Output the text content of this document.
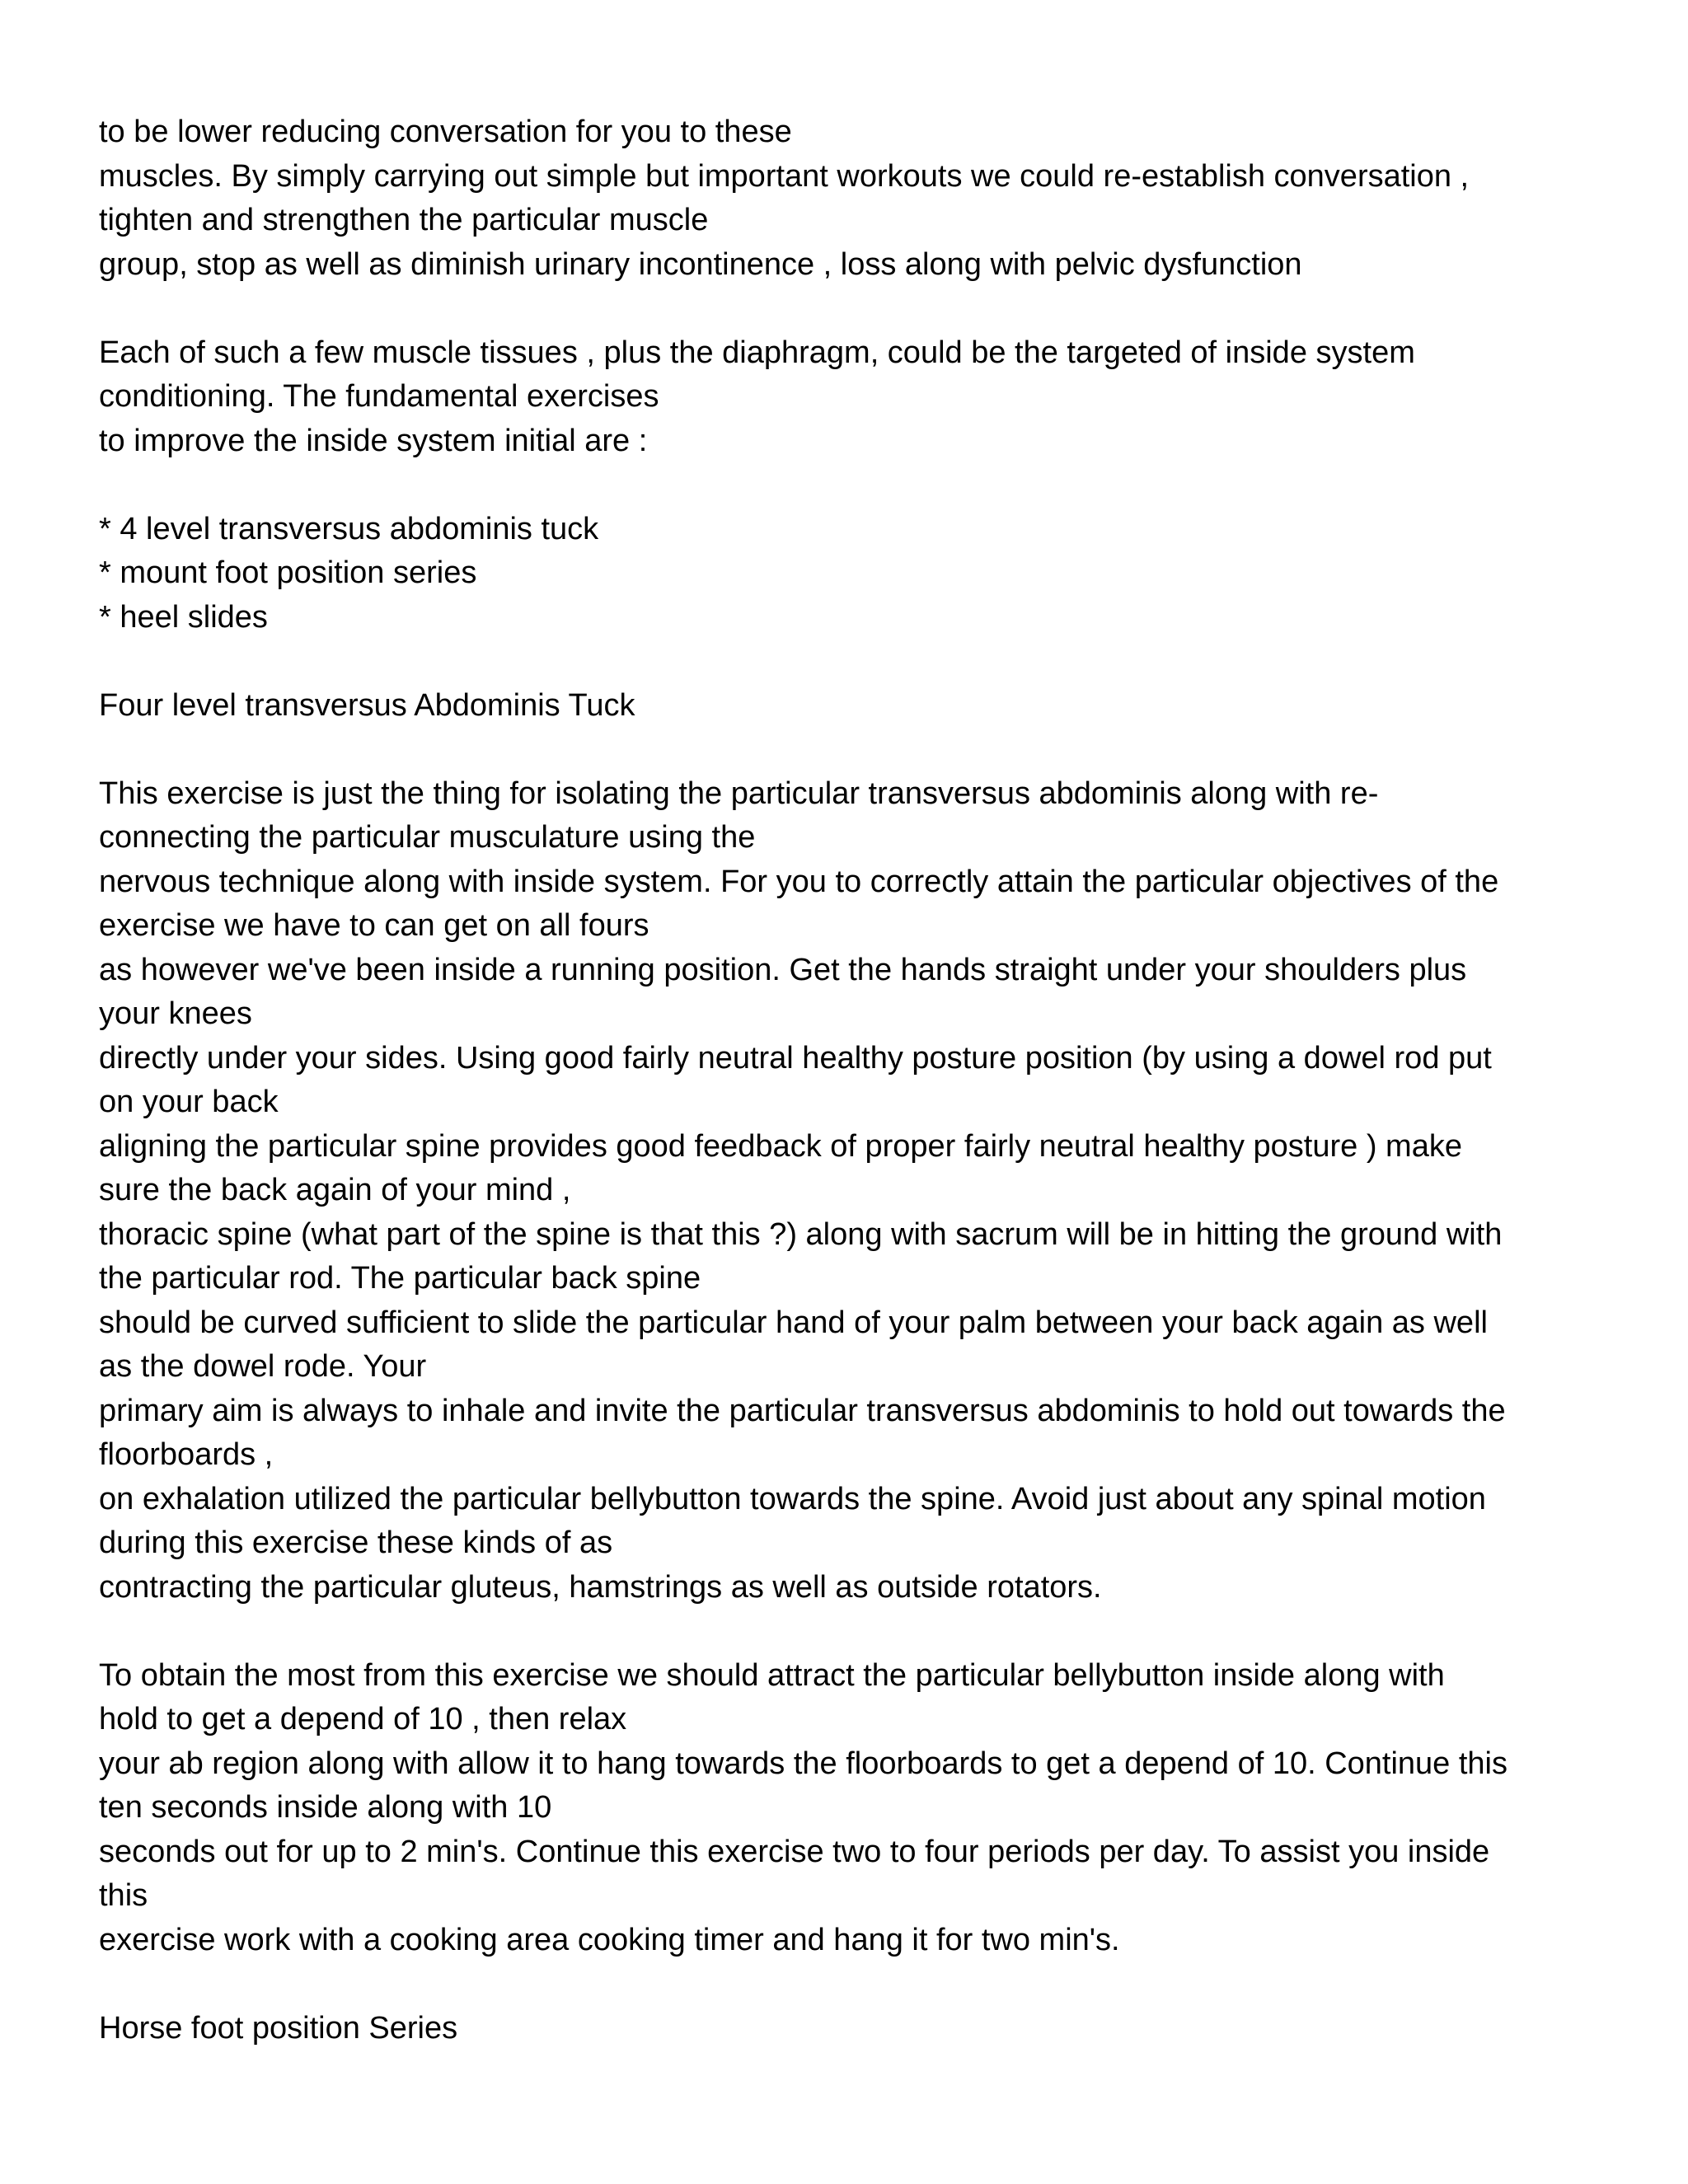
to be lower reducing conversation for you to these
muscles. By simply carrying out simple but important workouts we could re-establish conversation ,
tighten and strengthen the particular muscle
group, stop as well as diminish urinary incontinence , loss along with pelvic dysfunction
Each of such a few muscle tissues , plus the diaphragm, could be the targeted of inside system
conditioning. The fundamental exercises
to improve the inside system initial are :
* 4 level transversus abdominis tuck
* mount foot position series
* heel slides
Four level transversus Abdominis Tuck
This exercise is just the thing for isolating the particular transversus abdominis along with re-
connecting the particular musculature using the
nervous technique along with inside system. For you to correctly attain the particular objectives of the
exercise we have to can get on all fours
as however we've been inside a running position. Get the hands straight under your shoulders plus
your knees
directly under your sides. Using good fairly neutral healthy posture position (by using a dowel rod put
on your back
aligning the particular spine provides good feedback of proper fairly neutral healthy posture ) make
sure the back again of your mind ,
thoracic spine (what part of the spine is that this ?) along with sacrum will be in hitting the ground with
the particular rod. The particular back spine
should be curved sufficient to slide the particular hand of your palm between your back again as well
as the dowel rode. Your
primary aim is always to inhale and invite the particular transversus abdominis to hold out towards the
floorboards ,
on exhalation utilized the particular bellybutton towards the spine. Avoid just about any spinal motion
during this exercise these kinds of as
contracting the particular gluteus, hamstrings as well as outside rotators.
To obtain the most from this exercise we should attract the particular bellybutton inside along with
hold to get a depend of 10 , then relax
your ab region along with allow it to hang towards the floorboards to get a depend of 10. Continue this
ten seconds inside along with 10
seconds out for up to 2 min's. Continue this exercise two to four periods per day. To assist you inside
this
exercise work with a cooking area cooking timer and hang it for two min's.
Horse foot position Series
